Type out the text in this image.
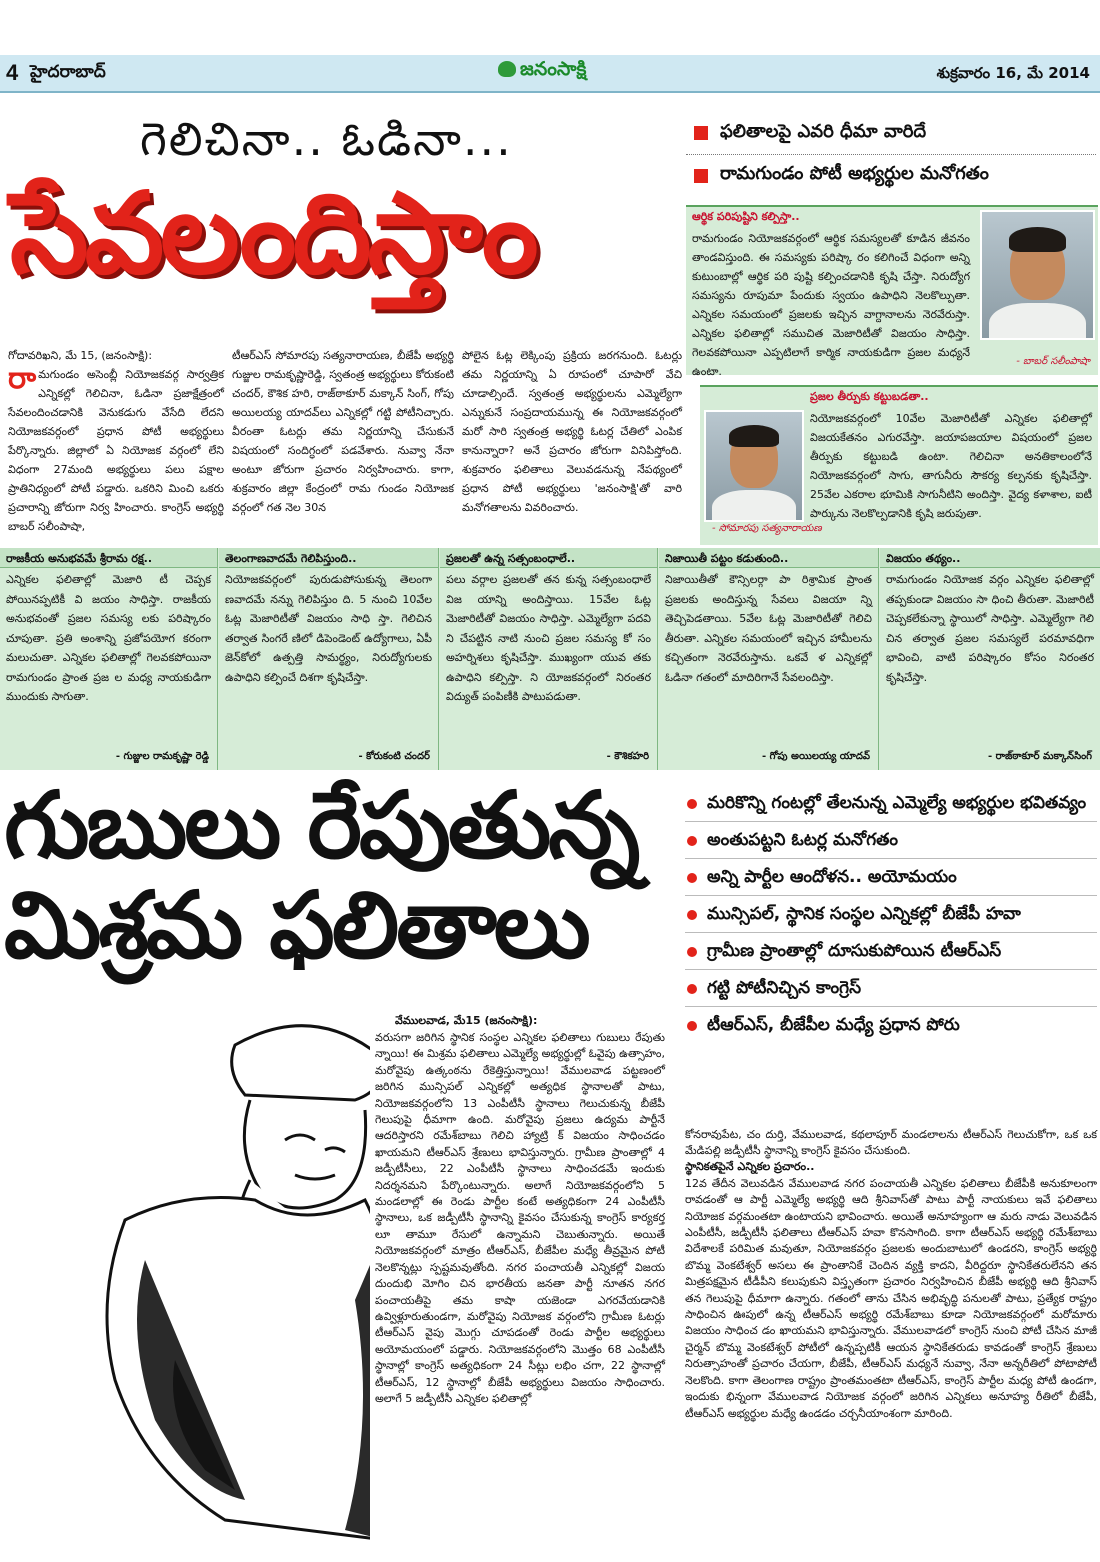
4 హైదరాబాద్	జనంసాక్షి	శుక్రవారం 16, మే 2014
గెలిచినా.. ఓడినా...
సేవలందిస్తాం
ఫలితాలపై ఎవరి ధీమా వారిదే
రామగుండం పోటీ అభ్యర్థుల మనోగతం
ఆర్థిక పరిపుష్టిని కల్పిస్తా..
రామగుండం నియోజకవర్గంలో ఆర్థిక సమస్యలతో కూడిన జీవనం తాండవిస్తుంది. ఈ సమస్యకు పరిష్కా రం కలిగించే విధంగా అన్ని కుటుంబాల్లో ఆర్థిక పరి పుష్టి కల్పించడానికి కృషి చేస్తా. నిరుద్యోగ సమస్యను రూపుమా పేందుకు స్వయం ఉపాధిని నెలకొల్పుతా. ఎన్నికల సమయంలో ప్రజలకు ఇచ్చిన వాగ్దానాలను నెరవేరుస్తా. ఎన్నికల ఫలితాల్లో సముచిత మెజారిటీతో విజయం సాధిస్తా. గెలవకపోయినా ఎప్పటిలాగే కార్మిక నాయకుడిగా ప్రజల మధ్యనే ఉంటా.
- బాబర్ సలీంపాషా
ప్రజల తీర్పుకు కట్టుబడతా..
నియోజకవర్గంలో 10వేల మెజారిటీతో ఎన్నికల ఫలితాల్లో విజయకేతనం ఎగురవేస్తా. జయాపజయాల విషయంలో ప్రజల తీర్పుకు కట్టుబడి ఉంటా. గెలిచినా అనతికాలంలోనే నియోజకవర్గంలో సాగు, తాగునీరు సౌకర్య కల్పనకు కృషిచేస్తా. 25వేల ఎకరాల భూమికి సాగునీటిని అందిస్తా. వైద్య కళాశాల, ఐటీ పార్కును నెలకొల్పడానికి కృషి జరుపుతా.
- సోమారపు సత్యనారాయణ
గోదావరిఖని, మే 15, (జనంసాక్షి):
రా మగుండం అసెంబ్లీ నియోజకవర్గ సార్వత్రిక ఎన్నికల్లో గెలిచినా, ఓడినా ప్రజాక్షేత్రంలో సేవలందించడానికి వెనుకడుగు వేసేది లేదని నియోజకవర్గంలో ప్రధాన పోటీ అభ్యర్థులు పేర్కొన్నారు. జిల్లాలో ఏ నియోజక వర్గంలో లేని విధంగా 27మంది అభ్యర్థులు పలు పక్షాల ప్రాతినిధ్యంలో పోటీ పడ్డారు. ఒకరిని మించి ఒకరు ప్రచారాన్ని జోరుగా నిర్వ హించారు. కాంగ్రెస్ అభ్యర్థి బాబర్ సలీంపాషా,
టీఆర్ఎస్ సోమారపు సత్యనారాయణ, బీజేపీ అభ్యర్థి గుజ్జుల రామకృష్ణారెడ్డి, స్వతంత్ర అభ్యర్థులు కోరుకంటి చందర్, కౌశిక హరి, రాజ్‌ఠాకూర్ మక్కాన్ సింగ్, గోపు అయిలయ్య యాదవ్‌లు ఎన్నికల్లో గట్టి పోటీనిచ్చారు. వీరంతా ఓటర్లు తమ నిర్ణయాన్ని చేసుకునే విషయంలో సందిగ్ధంలో పడవేశారు. నువ్వా నేనా అంటూ జోరుగా ప్రచారం నిర్వహించారు. కాగా, శుక్రవారం జిల్లా కేంద్రంలో రామ గుండం నియోజక వర్గంలో గత నెల 30న
పోలైన ఓట్ల లెక్కింపు ప్రక్రియ జరగనుంది. ఓటర్లు తమ నిర్ణయాన్ని ఏ రూపంలో చూపారో వేచి చూడాల్సిందే. స్వతంత్ర అభ్యర్థులను ఎమ్మెల్యేగా ఎన్నుకునే సంప్రదాయమున్న ఈ నియోజకవర్గంలో మరో సారి స్వతంత్ర అభ్యర్థి ఓటర్ల చేతిలో ఎంపిక కానున్నారా? అనే ప్రచారం జోరుగా వినిపిస్తోంది. శుక్రవారం ఫలితాలు వెలువడనున్న నేపథ్యంలో ప్రధాన పోటీ అభ్యర్థులు 'జనంసాక్షి'తో వారి మనోగతాలను వివరించారు.
రాజకీయ అనుభవమే శ్రీరామ రక్ష..
ఎన్నికల ఫలితాల్లో మెజారి టీ చెప్పక పోయినప్పటికీ వి జయం సాధిస్తా. రాజకీయ అనుభవంతో ప్రజల సమస్య లకు పరిష్కారం చూపుతా. ప్రతి అంశాన్ని ప్రజోపయోగ కరంగా మలుచుతా. ఎన్నికల ఫలితాల్లో గెలవకపోయినా రామగుండం ప్రాంత ప్రజ ల మధ్య నాయకుడిగా ముందుకు సాగుతా.
- గుజ్జుల రామకృష్ణా రెడ్డి
తెలంగాణవాదమే గెలిపిస్తుంది..
నియోజకవర్గంలో పురుడుపోసుకున్న తెలంగా ణవాదమే నన్ను గెలిపిస్తుం ది. 5 నుంచి 10వేల ఓట్ల మెజారిటీతో విజయం సాధి స్తా. గెలిచిన తర్వాత సింగరే ణిలో డిపెండెంట్ ఉద్యోగాలు, ఏపీ జెన్‌కోలో ఉత్పత్తి సామర్థ్యం, నిరుద్యోగులకు ఉపాధిని కల్పించే దిశగా కృషిచేస్తా.
- కోరుకంటి చందర్
ప్రజలతో ఉన్న సత్సంబంధాలే..
పలు వర్గాల ప్రజలతో తన కున్న సత్సంబంధాలే విజ యాన్ని అందిస్తాయి. 15వేల ఓట్ల మెజారిటీతో విజయం సాధిస్తా. ఎమ్మెల్యేగా పదవి ని చేపట్టిన నాటి నుంచి ప్రజల సమస్య కో సం అహర్నిశలు కృషిచేస్తా. ముఖ్యంగా యువ తకు ఉపాధిని కల్పిస్తా. ని యోజకవర్గంలో నిరంతర విద్యుత్ పంపిణీకి పాటుపడుతా.
- కౌశికహరి
నిజాయితీ పట్టం కడుతుంది..
నిజాయితీతో కౌన్సిలర్గా పా రిశ్రామిక ప్రాంత ప్రజలకు అందిస్తున్న సేవలు విజయా న్ని తెచ్చిపెడతాయి. 5వేల ఓట్ల మెజారిటీతో గెలిచి తీరుతా. ఎన్నికల సమయంలో ఇచ్చిన హామీలను కచ్చితంగా నెరవేరుస్తాను. ఒకవే ళ ఎన్నికల్లో ఓడినా గతంలో మాదిరిగానే సేవలందిస్తా.
- గోపు అయిలయ్య యాదవ్
విజయం తథ్యం..
రామగుండం నియోజక వర్గం ఎన్నికల ఫలితాల్లో తప్పకుండా విజయం సా ధించి తీరుతా. మెజారిటీ చెప్పకలేకున్నా స్థాయిలో సాధిస్తా. ఎమ్మెల్యేగా గెలి చిన తర్వాత ప్రజల సమస్యలే పరమావధిగా భావించి, వాటి పరిష్కారం కోసం నిరంతర కృషిచేస్తా.
- రాజ్‌ఠాకూర్ మక్కాన్‌సింగ్
గుబులు రేపుతున్న
మిశ్రమ ఫలితాలు
మరికొన్ని గంటల్లో తేలనున్న ఎమ్మెల్యే అభ్యర్థుల భవితవ్యం
అంతుపట్టని ఓటర్ల మనోగతం
అన్ని పార్టీల ఆందోళన.. అయోమయం
మున్సిపల్, స్థానిక సంస్థల ఎన్నికల్లో బీజేపీ హవా
గ్రామీణ ప్రాంతాల్లో దూసుకుపోయిన టీఆర్ఎస్
గట్టి పోటీనిచ్చిన కాంగ్రెస్
టీఆర్ఎస్, బీజేపీల మధ్యే ప్రధాన పోరు
వేములవాడ, మే15 (జనంసాక్షి):
వరుసగా జరిగిన స్థానిక సంస్థల ఎన్నికల ఫలితాలు గుబులు రేపుతు న్నాయి! ఈ మిశ్రమ ఫలితాలు ఎమ్మెల్యే అభ్యర్థుల్లో ఓవైపు ఉత్సాహం, మరోవైపు ఉత్కంఠను రేకెత్తిస్తున్నాయి! వేములవాడ పట్టణంలో జరిగిన మున్సిపల్ ఎన్నికల్లో అత్యధిక స్థానాలతో పాటు, నియోజకవర్గంలోని 13 ఎంపీటీసీ స్థానాలు గెలుచుకున్న బీజేపీ గెలుపుపై ధీమాగా ఉంది. మరోవైపు ప్రజలు ఉద్యమ పార్టీనే ఆదరిస్తారని రమేశ్‌బాబు గెలిచి హ్యాట్రి క్ విజయం సాధించడం ఖాయమని టీఆర్ఎస్ శ్రేణులు భావిస్తున్నారు. గ్రామీణ ప్రాంతాల్లో 4 జడ్పీటీసీలు, 22 ఎంపీటీసీ స్థానాలు సాధించడమే ఇందుకు నిదర్శనమని పేర్కొంటున్నారు. అలాగే నియోజకవర్గంలోని 5 మండలాల్లో ఈ రెండు పార్టీల కంటే అత్యధికంగా 24 ఎంపీటీసీ స్థానాలు, ఒక జడ్పీటీసీ స్థానాన్ని కైవసం చేసుకున్న కాంగ్రెస్ కార్యకర్త లూ తామూ రేసులో ఉన్నామని చెబుతున్నారు. అయితే నియోజకవర్గంలో మాత్రం టీఆర్ఎస్, బీజేపీల మధ్యే తీవ్రమైన పోటీ నెలకొన్నట్లు స్పష్టమవుతోంది. నగర పంచాయతీ ఎన్నికల్లో విజయ దుందుభి మోగిం చిన భారతీయ జనతా పార్టీ నూతన నగర పంచాయతీపై తమ కాషా యజెండా ఎగరవేయడానికి ఉవ్విళ్లూరుతుండగా, మరోవైపు నియోజక వర్గంలోని గ్రామీణ ఓటర్లు టీఆర్ఎస్ వైపు మొగ్గు చూపడంతో రెండు పార్టీల అభ్యర్థులు అయోమయంలో పడ్డారు. నియోజకవర్గంలోని మొత్తం 68 ఎంపీటీసీ స్థానాల్లో కాంగ్రెస్ అత్యధికంగా 24 సీట్లు లభిం చగా, 22 స్థానాల్లో టీఆర్ఎస్, 12 స్థానాల్లో బీజేపీ అభ్యర్థులు విజయం సాధించారు. అలాగే 5 జడ్పీటీసీ ఎన్నికల ఫలితాల్లో
కోనరావుపేట, చం దుర్తి, వేములవాడ, కథలాపూర్ మండలాలను టీఆర్ఎస్ గెలుచుకోగా, ఒక ఒక మేడిపల్లి జడ్పీటీసీ స్థానాన్ని కాంగ్రెస్ కైవసం చేసుకుంది.
స్థానికతపైనే ఎన్నికల ప్రచారం..
12వ తేదీన వెలువడిన వేములవాడ నగర పంచాయతీ ఎన్నికల ఫలితాలు బీజేపీకి అనుకూలంగా రావడంతో ఆ పార్టీ ఎమ్మెల్యే అభ్యర్థి ఆది శ్రీనివాస్‌తో పాటు పార్టీ నాయకులు ఇవే ఫలితాలు నియోజక వర్గమంతటా ఉంటాయని భావించారు. అయితే అనూహ్యంగా ఆ మరు నాడు వెలువడిన ఎంపీటీసీ, జడ్పీటీసీ ఫలితాలు టీఆర్ఎస్ హవా కొనసాగింది. కాగా టీఆర్ఎస్ అభ్యర్థి రమేశ్‌బాబు విదేశాలకే పరిమిత మవుతూ, నియోజకవర్గం ప్రజలకు అందుబాటులో ఉండరని, కాంగ్రెస్ అభ్యర్థి బొమ్మ వెంకటేశ్వర్ అసలు ఈ ప్రాంతానికే చెందిన వ్యక్తి కాదని, వీరిద్దరూ స్థానికేతరులేనని తన మిత్రపక్షమైన టీడీపీని కలుపుకుని విస్తృతంగా ప్రచారం నిర్వహించిన బీజేపీ అభ్యర్థి ఆది శ్రీనివాస్ తన గెలుపుపై ధీమాగా ఉన్నారు. గతంలో తాను చేసిన అభివృద్ధి పనులతో పాటు, ప్రత్యేక రాష్ట్రం సాధించిన ఊపులో ఉన్న టీఆర్ఎస్ అభ్యర్థి రమేశ్‌బాబు కూడా నియోజకవర్గంలో మరోమారు విజయం సాధించ డం ఖాయమని భావిస్తున్నారు. వేములవాడలో కాంగ్రెస్ నుంచి పోటీ చేసిన మాజీ చైర్మన్ బొమ్మ వెంకటేశ్వర్ పోటీలో ఉన్నప్పటికీ ఆయన స్థానికేతరుడు కావడంతో కాంగ్రెస్ శ్రేణులు నిరుత్సాహంతో ప్రచారం చేయగా, బీజేపీ, టీఆర్ఎస్ మధ్యనే నువ్వా, నేనా అన్నరీతిలో పోటాపోటీ నెలకొంది. కాగా తెలంగాణ రాష్ట్రం ప్రాంతమంతటా టీఆర్ఎస్, కాంగ్రెస్ పార్టీల మధ్య పోటీ ఉండగా, ఇందుకు భిన్నంగా వేములవాడ నియోజక వర్గంలో జరిగిన ఎన్నికలు అనూహ్య రీతిలో బీజేపీ, టీఆర్ఎస్ అభ్యర్థుల మధ్యే ఉండడం చర్చనీయాంశంగా మారింది.
